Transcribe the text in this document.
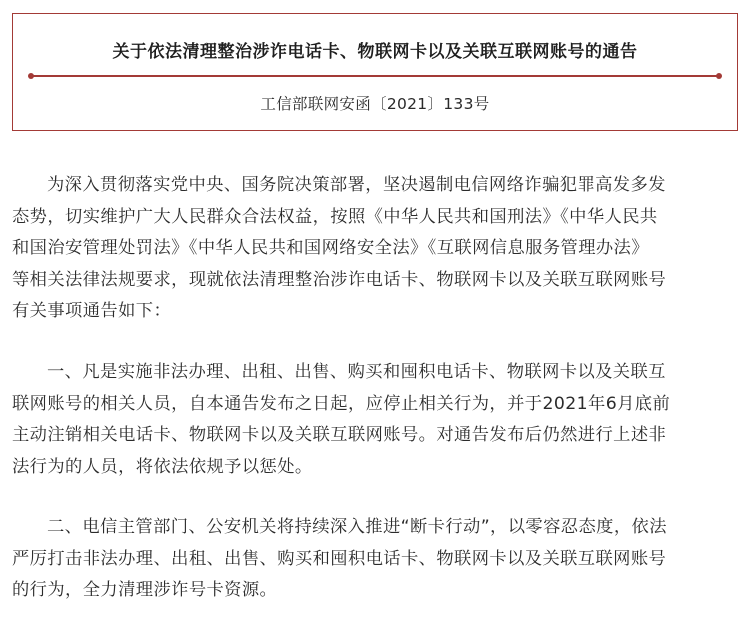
关于依法清理整治涉诈电话卡、物联网卡以及关联互联网账号的通告
工信部联网安函〔2021〕133号

为深入贯彻落实党中央、国务院决策部署，坚决遏制电信网络诈骗犯罪高发多发
态势，切实维护广大人民群众合法权益，按照《中华人民共和国刑法》《中华人民共
和国治安管理处罚法》《中华人民共和国网络安全法》《互联网信息服务管理办法》
等相关法律法规要求，现就依法清理整治涉诈电话卡、物联网卡以及关联互联网账号
有关事项通告如下：

一、凡是实施非法办理、出租、出售、购买和囤积电话卡、物联网卡以及关联互
联网账号的相关人员，自本通告发布之日起，应停止相关行为，并于2021年6月底前
主动注销相关电话卡、物联网卡以及关联互联网账号。对通告发布后仍然进行上述非
法行为的人员，将依法依规予以惩处。

二、电信主管部门、公安机关将持续深入推进“断卡行动”，以零容忍态度，依法
严厉打击非法办理、出租、出售、购买和囤积电话卡、物联网卡以及关联互联网账号
的行为，全力清理涉诈号卡资源。
